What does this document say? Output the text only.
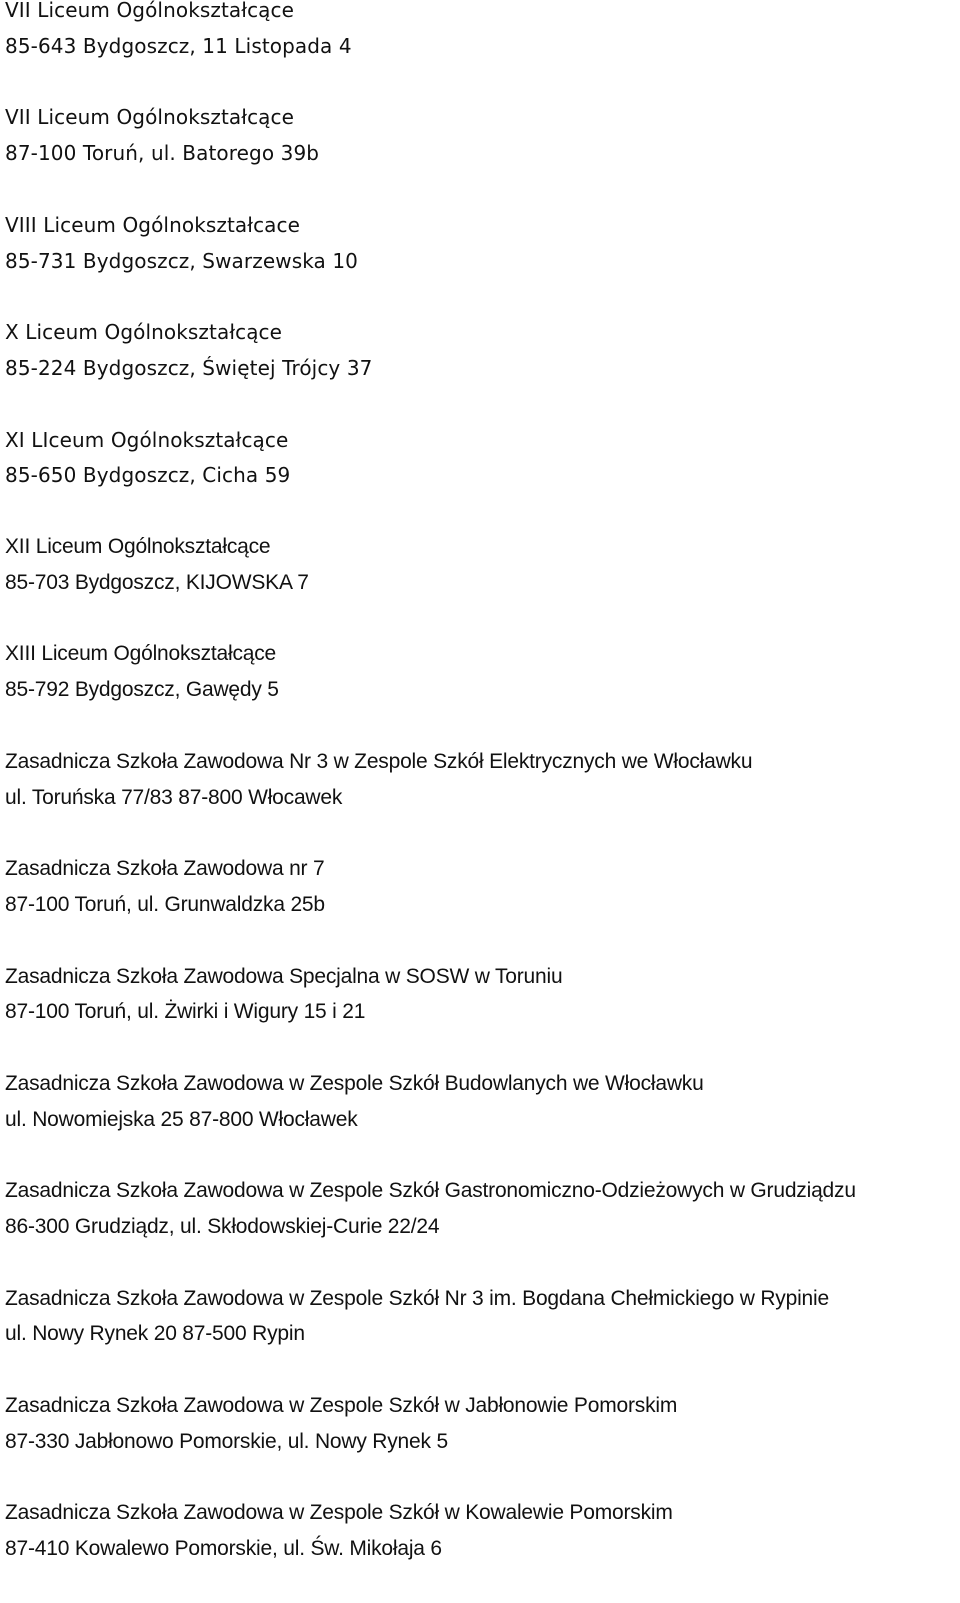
VII Liceum Ogólnokształcące
85-643 Bydgoszcz, 11 Listopada 4
VII Liceum Ogólnokształcące
87-100 Toruń, ul. Batorego 39b
VIII Liceum Ogólnokształcace
85-731 Bydgoszcz, Swarzewska 10
X Liceum Ogólnokształcące
85-224 Bydgoszcz, Świętej Trójcy 37
XI LIceum Ogólnokształcące
85-650 Bydgoszcz, Cicha 59
XII Liceum Ogólnokształcące
85-703 Bydgoszcz, KIJOWSKA 7
XIII Liceum Ogólnokształcące
85-792 Bydgoszcz, Gawędy 5
Zasadnicza Szkoła Zawodowa Nr 3 w Zespole Szkół Elektrycznych we Włocławku
ul. Toruńska 77/83 87-800 Włocawek
Zasadnicza Szkoła Zawodowa nr 7
87-100 Toruń, ul. Grunwaldzka 25b
Zasadnicza Szkoła Zawodowa Specjalna w SOSW w Toruniu
87-100 Toruń, ul. Żwirki i Wigury 15 i 21
Zasadnicza Szkoła Zawodowa w Zespole Szkół Budowlanych we Włocławku
ul. Nowomiejska 25 87-800 Włocławek
Zasadnicza Szkoła Zawodowa w Zespole Szkół Gastronomiczno-Odzieżowych w Grudziądzu
86-300 Grudziądz, ul. Skłodowskiej-Curie 22/24
Zasadnicza Szkoła Zawodowa w Zespole Szkół Nr 3 im. Bogdana Chełmickiego w Rypinie
ul. Nowy Rynek 20 87-500 Rypin
Zasadnicza Szkoła Zawodowa w Zespole Szkół w Jabłonowie Pomorskim
87-330 Jabłonowo Pomorskie, ul. Nowy Rynek 5
Zasadnicza Szkoła Zawodowa w Zespole Szkół w Kowalewie Pomorskim
87-410 Kowalewo Pomorskie, ul. Św. Mikołaja 6
